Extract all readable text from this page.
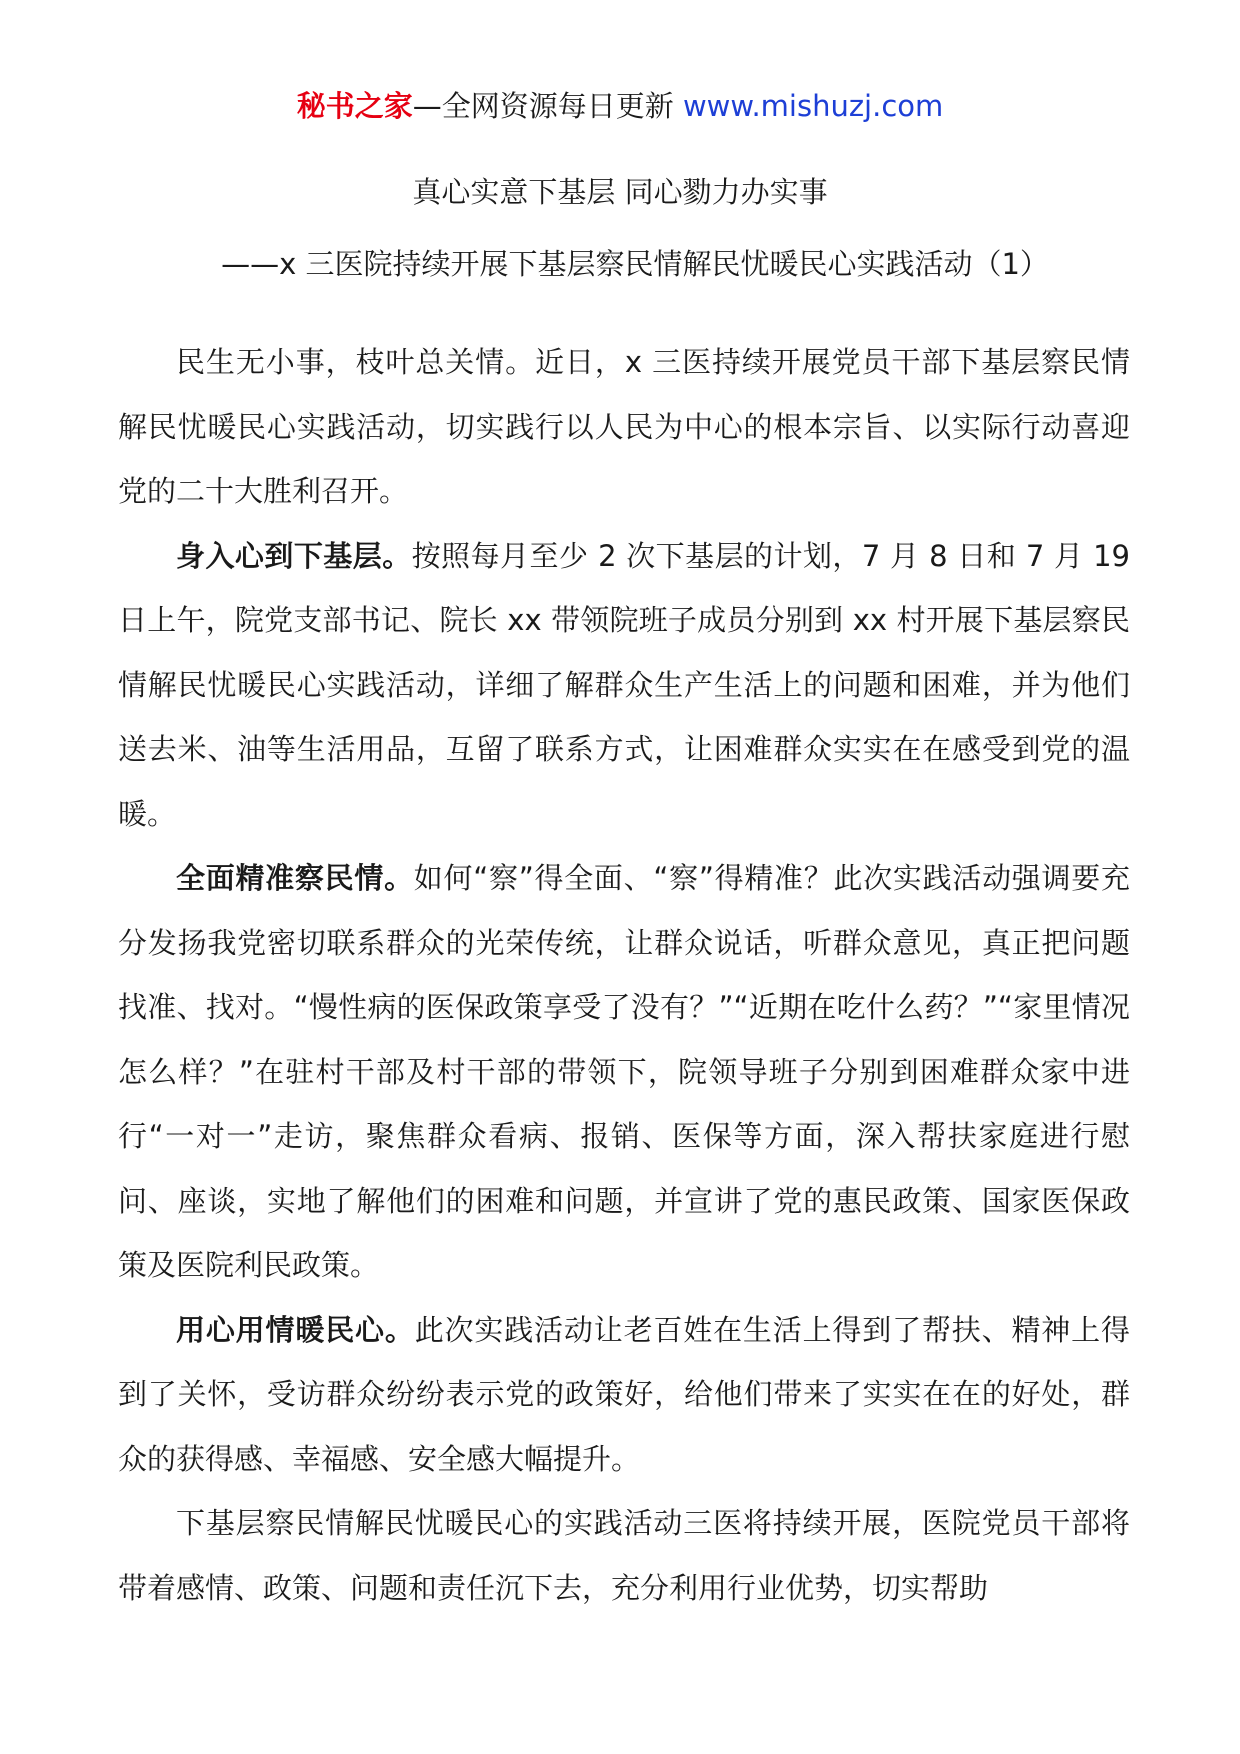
秘书之家—全网资源每日更新 www.mishuzj.com
真心实意下基层 同心勠力办实事
——x 三医院持续开展下基层察民情解民忧暖民心实践活动（1）

民生无小事，枝叶总关情。近日，x 三医持续开展党员干部下基层察民情解民忧暖民心实践活动，切实践行以人民为中心的根本宗旨、以实际行动喜迎党的二十大胜利召开。

身入心到下基层。按照每月至少 2 次下基层的计划，7 月 8 日和 7 月 19 日上午，院党支部书记、院长 xx 带领院班子成员分别到 xx 村开展下基层察民情解民忧暖民心实践活动，详细了解群众生产生活上的问题和困难，并为他们送去米、油等生活用品，互留了联系方式，让困难群众实实在在感受到党的温暖。

全面精准察民情。如何“察”得全面、“察”得精准？此次实践活动强调要充分发扬我党密切联系群众的光荣传统，让群众说话，听群众意见，真正把问题找准、找对。“慢性病的医保政策享受了没有？”“近期在吃什么药？”“家里情况怎么样？”在驻村干部及村干部的带领下，院领导班子分别到困难群众家中进行“一对一”走访，聚焦群众看病、报销、医保等方面，深入帮扶家庭进行慰问、座谈，实地了解他们的困难和问题，并宣讲了党的惠民政策、国家医保政策及医院利民政策。

用心用情暖民心。此次实践活动让老百姓在生活上得到了帮扶、精神上得到了关怀，受访群众纷纷表示党的政策好，给他们带来了实实在在的好处，群众的获得感、幸福感、安全感大幅提升。

下基层察民情解民忧暖民心的实践活动三医将持续开展，医院党员干部将带着感情、政策、问题和责任沉下去，充分利用行业优势，切实帮助
